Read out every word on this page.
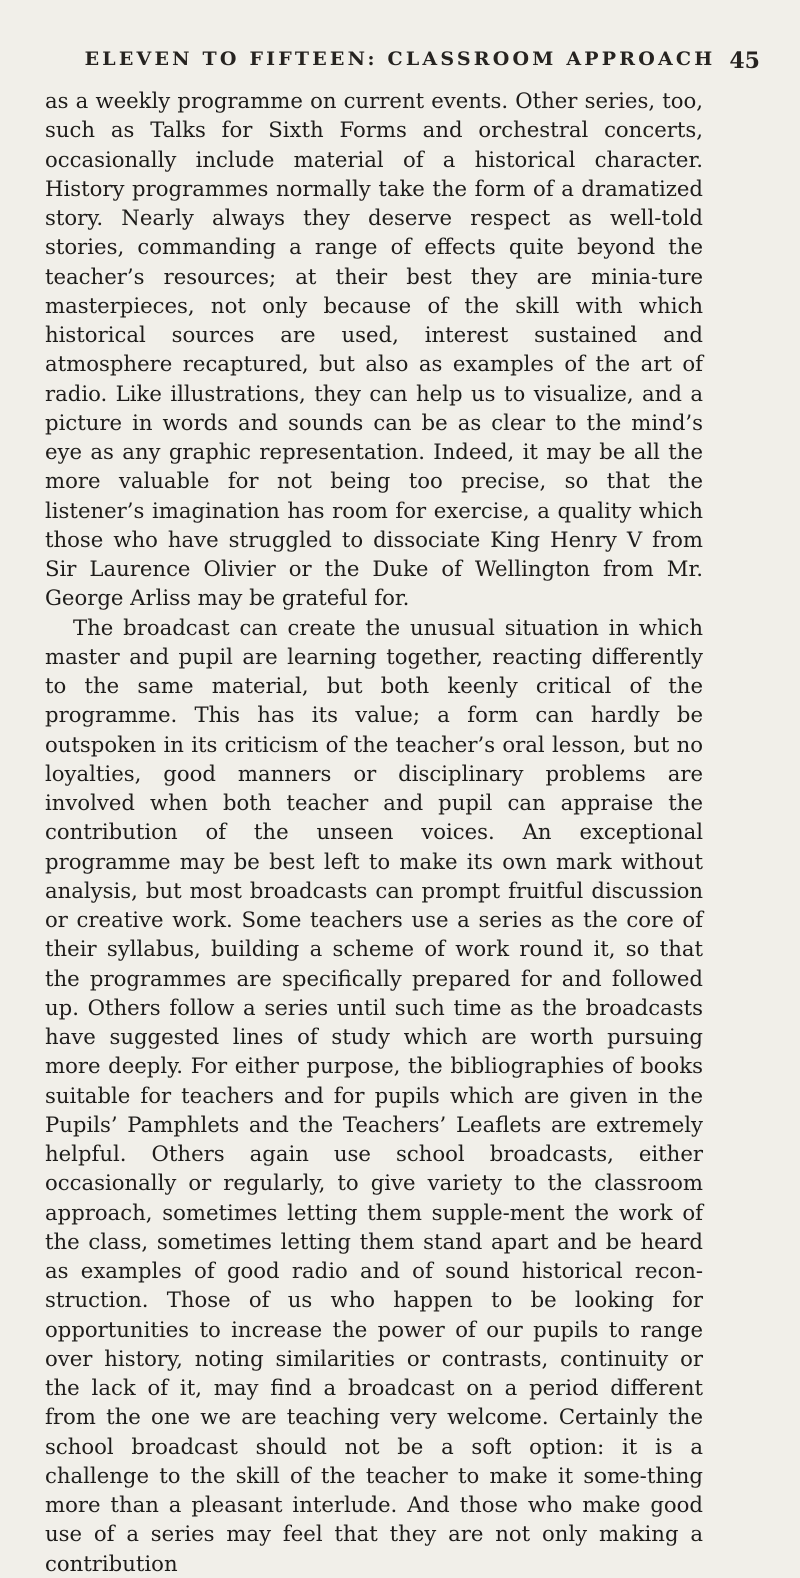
ELEVEN TO FIFTEEN: CLASSROOM APPROACH 45

as a weekly programme on current events. Other series, too, such as Talks for Sixth Forms and orchestral concerts, occasionally include material of a historical character. History programmes normally take the form of a dramatized story. Nearly always they deserve respect as well-told stories, commanding a range of effects quite beyond the teacher’s resources; at their best they are minia-ture masterpieces, not only because of the skill with which historical sources are used, interest sustained and atmosphere recaptured, but also as examples of the art of radio. Like illustrations, they can help us to visualize, and a picture in words and sounds can be as clear to the mind’s eye as any graphic representation. Indeed, it may be all the more valuable for not being too precise, so that the listener’s imagination has room for exercise, a quality which those who have struggled to dissociate King Henry V from Sir Laurence Olivier or the Duke of Wellington from Mr. George Arliss may be grateful for.

The broadcast can create the unusual situation in which master and pupil are learning together, reacting differently to the same material, but both keenly critical of the programme. This has its value; a form can hardly be outspoken in its criticism of the teacher’s oral lesson, but no loyalties, good manners or disciplinary problems are involved when both teacher and pupil can appraise the contribution of the unseen voices. An exceptional programme may be best left to make its own mark without analysis, but most broadcasts can prompt fruitful discussion or creative work. Some teachers use a series as the core of their syllabus, building a scheme of work round it, so that the programmes are specifically prepared for and followed up. Others follow a series until such time as the broadcasts have suggested lines of study which are worth pursuing more deeply. For either purpose, the bibliographies of books suitable for teachers and for pupils which are given in the Pupils’ Pamphlets and the Teachers’ Leaflets are extremely helpful. Others again use school broadcasts, either occasionally or regularly, to give variety to the classroom approach, sometimes letting them supple-ment the work of the class, sometimes letting them stand apart and be heard as examples of good radio and of sound historical recon-struction. Those of us who happen to be looking for opportunities to increase the power of our pupils to range over history, noting similarities or contrasts, continuity or the lack of it, may find a broadcast on a period different from the one we are teaching very welcome. Certainly the school broadcast should not be a soft option: it is a challenge to the skill of the teacher to make it some-thing more than a pleasant interlude. And those who make good use of a series may feel that they are not only making a contribution
